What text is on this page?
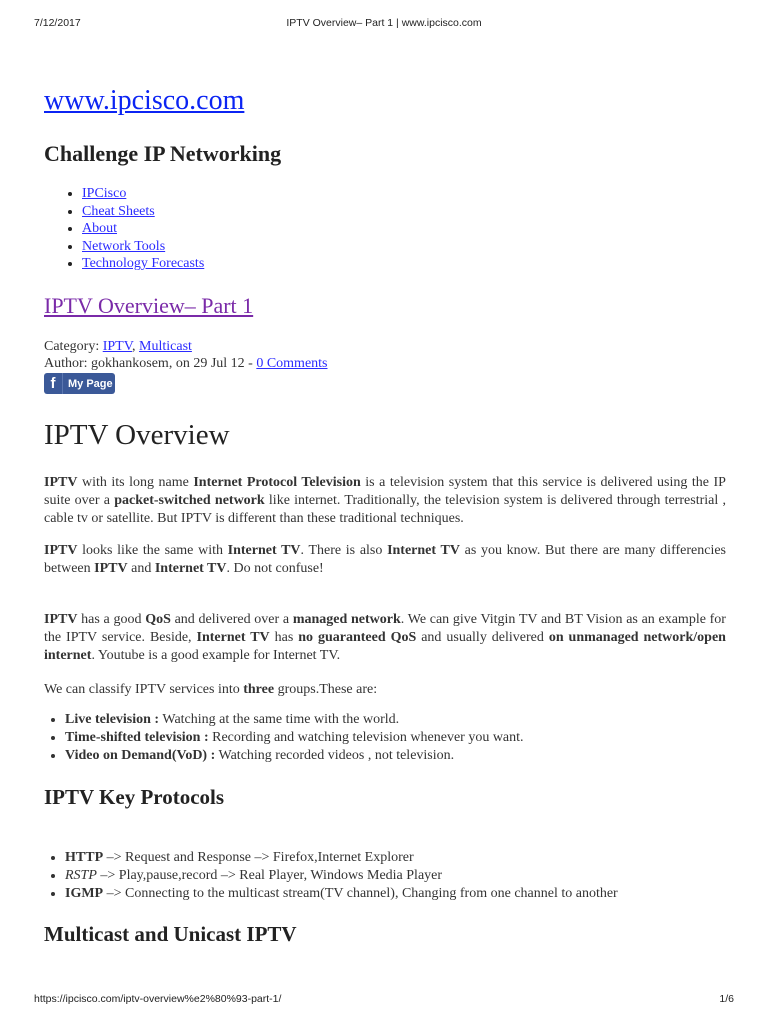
7/12/2017	IPTV Overview– Part 1 | www.ipcisco.com
www.ipcisco.com
Challenge IP Networking
• IPCisco
• Cheat Sheets
• About
• Network Tools
• Technology Forecasts
IPTV Overview– Part 1
Category: IPTV, Multicast
Author: gokhankosem, on 29 Jul 12 - 0 Comments
f	My Page
IPTV Overview

IPTV with its long name Internet Protocol Television is a television system that this service is delivered using the IP suite over a packet-switched network like internet. Traditionally, the television system is delivered through terrestrial , cable tv or satellite. But IPTV is different than these traditional techniques.

IPTV looks like the same with Internet TV. There is also Internet TV as you know. But there are many differencies between IPTV and Internet TV. Do not confuse!

IPTV has a good QoS and delivered over a managed network. We can give Vitgin TV and BT Vision as an example for the IPTV service. Beside, Internet TV has no guaranteed QoS and usually delivered on unmanaged network/open internet. Youtube is a good example for Internet TV.

We can classify IPTV services into three groups.These are:

• Live television : Watching at the same time with the world.
• Time-shifted television : Recording and watching television whenever you want.
• Video on Demand(VoD) : Watching recorded videos , not television.
IPTV Key Protocols
• HTTP –> Request and Response –> Firefox,Internet Explorer
• RSTP –> Play,pause,record –> Real Player, Windows Media Player
• IGMP –> Connecting to the multicast stream(TV channel), Changing from one channel to another
Multicast and Unicast IPTV
https://ipcisco.com/iptv-overview%e2%80%93-part-1/	1/6
